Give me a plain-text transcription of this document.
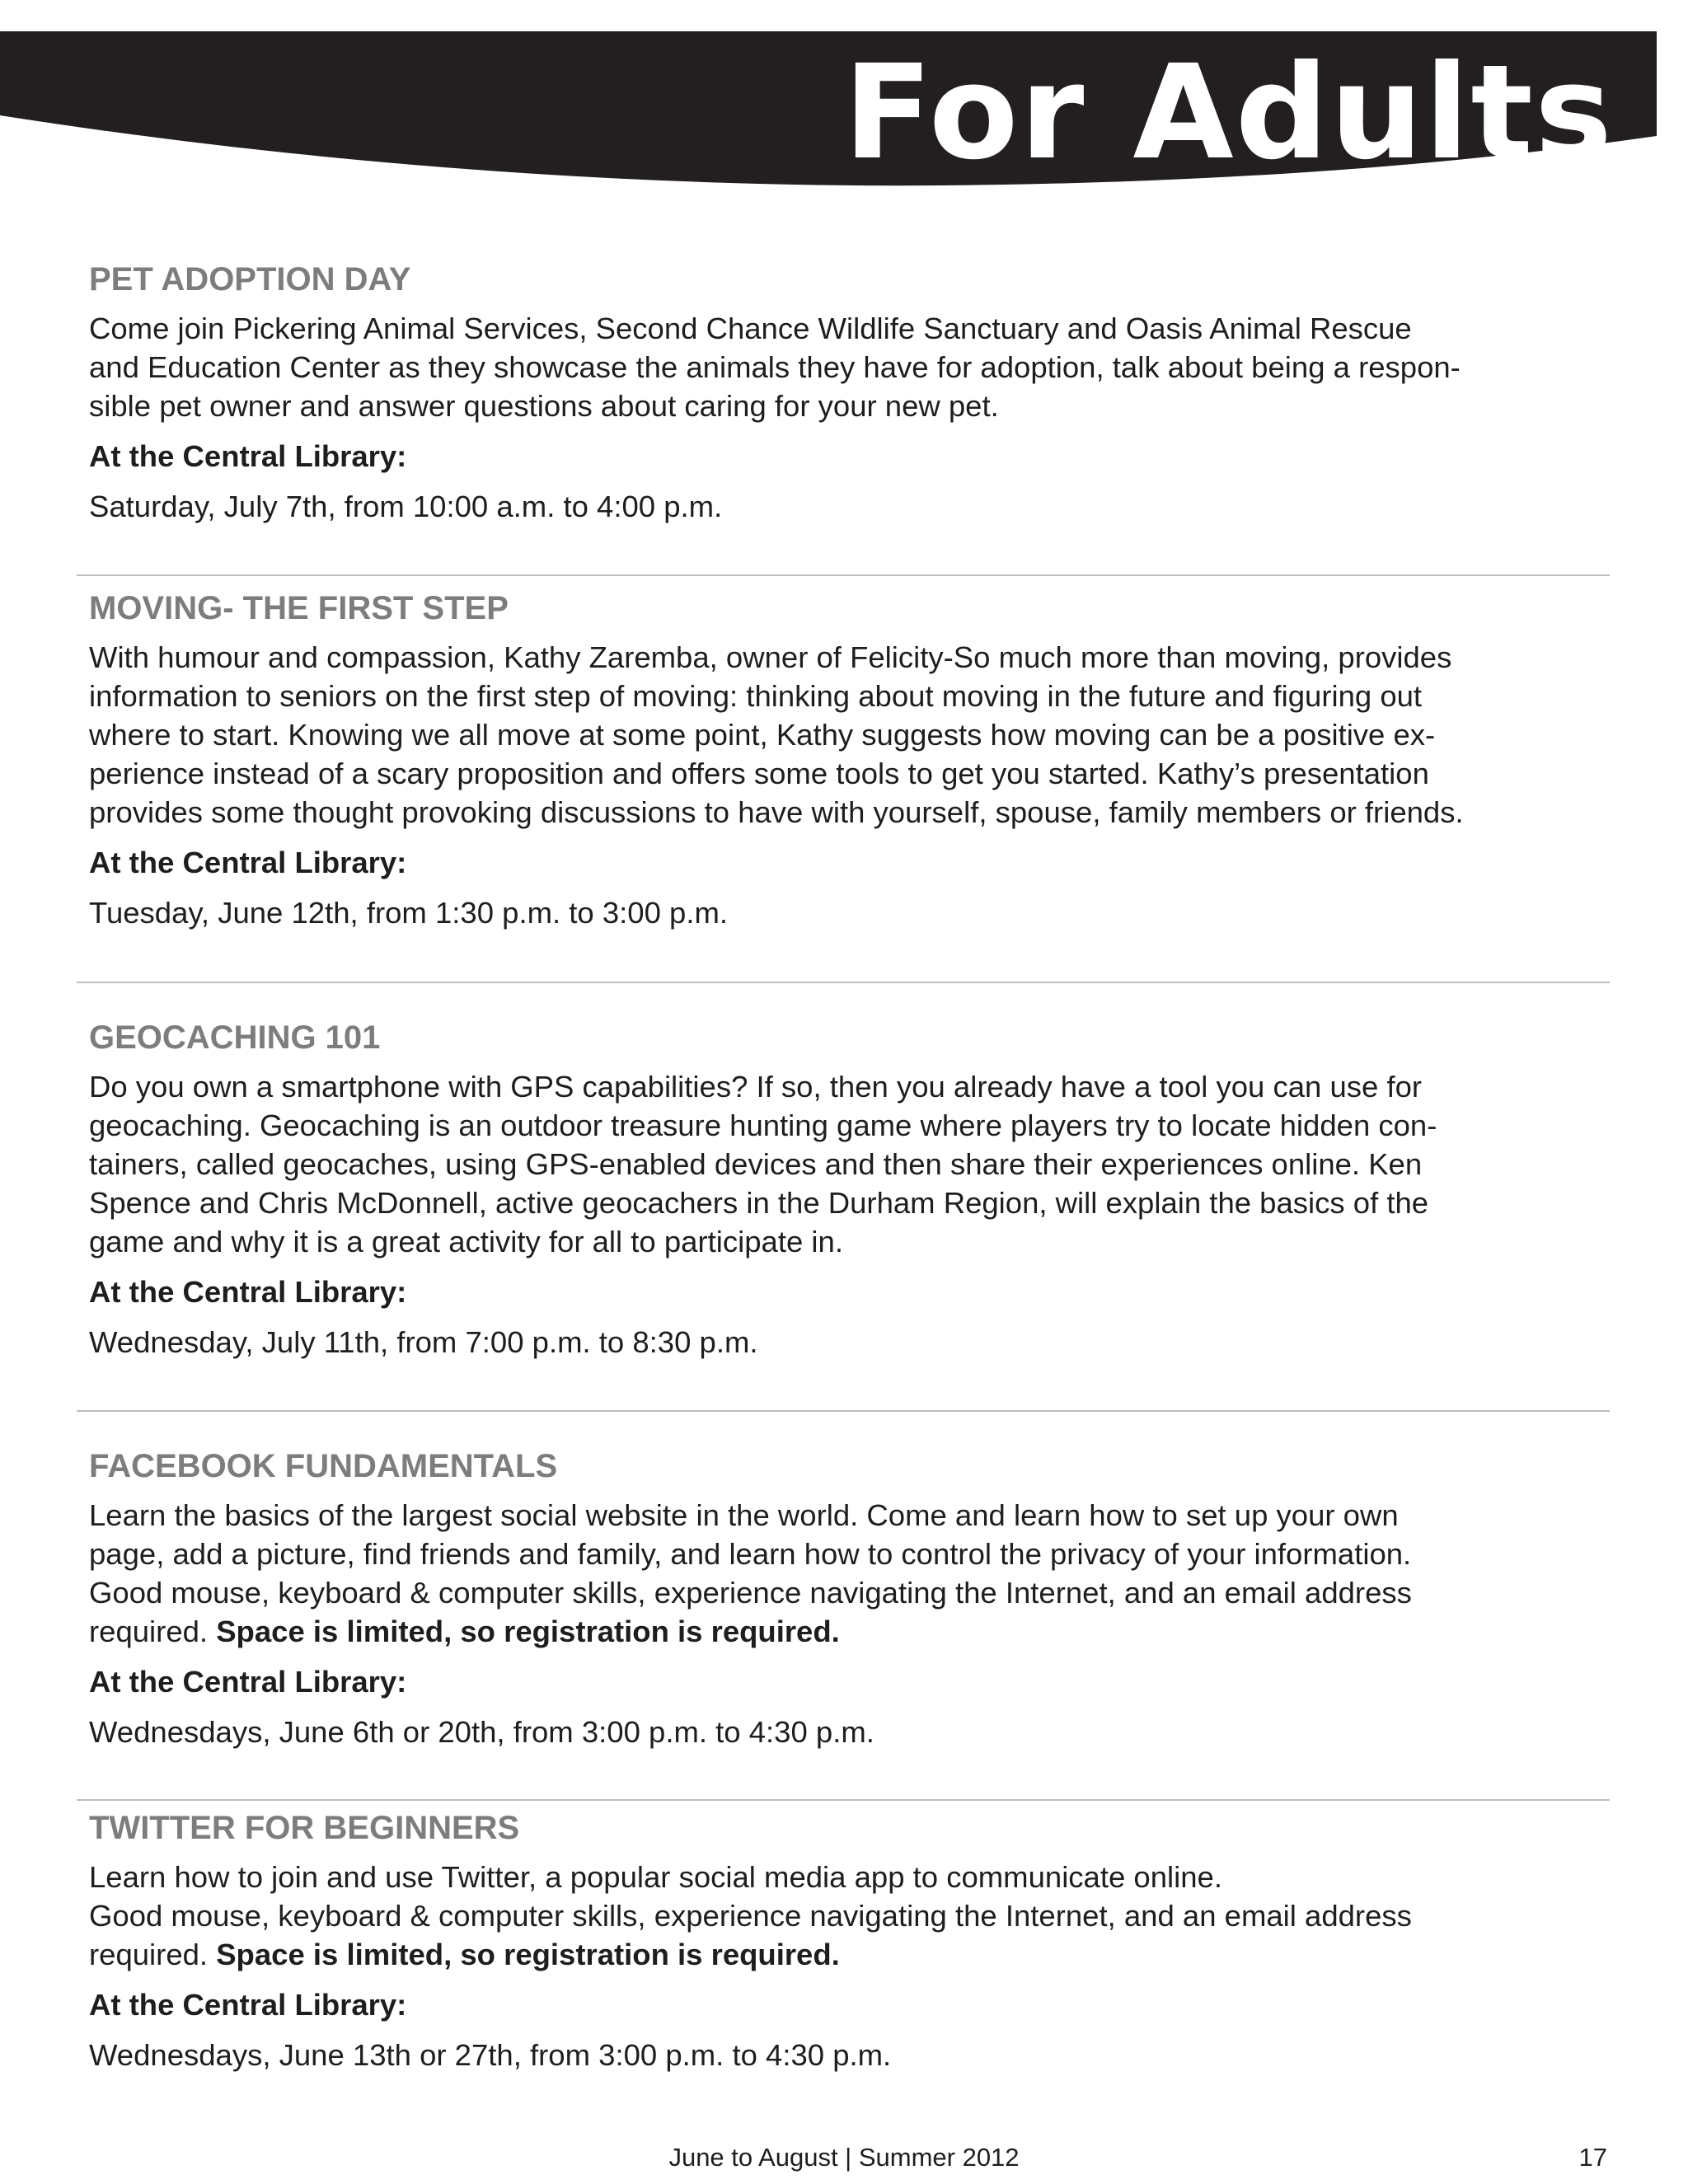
For Adults
PET ADOPTION DAY

Come join Pickering Animal Services, Second Chance Wildlife Sanctuary and Oasis Animal Rescue
and Education Center as they showcase the animals they have for adoption, talk about being a respon-
sible pet owner and answer questions about caring for your new pet.

At the Central Library:
Saturday, July 7th, from 10:00 a.m. to 4:00 p.m.
MOVING- THE FIRST STEP

With humour and compassion, Kathy Zaremba, owner of Felicity-So much more than moving, provides
information to seniors on the first step of moving: thinking about moving in the future and figuring out
where to start. Knowing we all move at some point, Kathy suggests how moving can be a positive ex-
perience instead of a scary proposition and offers some tools to get you started. Kathy’s presentation
provides some thought provoking discussions to have with yourself, spouse, family members or friends.

At the Central Library:
Tuesday, June 12th, from 1:30 p.m. to 3:00 p.m.
GEOCACHING 101

Do you own a smartphone with GPS capabilities? If so, then you already have a tool you can use for
geocaching. Geocaching is an outdoor treasure hunting game where players try to locate hidden con-
tainers, called geocaches, using GPS-enabled devices and then share their experiences online. Ken
Spence and Chris McDonnell, active geocachers in the Durham Region, will explain the basics of the
game and why it is a great activity for all to participate in.

At the Central Library:
Wednesday, July 11th, from 7:00 p.m. to 8:30 p.m.
FACEBOOK FUNDAMENTALS

Learn the basics of the largest social website in the world. Come and learn how to set up your own
page, add a picture, find friends and family, and learn how to control the privacy of your information.
Good mouse, keyboard & computer skills, experience navigating the Internet, and an email address
required. Space is limited, so registration is required.

At the Central Library:
Wednesdays, June 6th or 20th, from 3:00 p.m. to 4:30 p.m.
TWITTER FOR BEGINNERS

Learn how to join and use Twitter, a popular social media app to communicate online.
Good mouse, keyboard & computer skills, experience navigating the Internet, and an email address
required. Space is limited, so registration is required.

At the Central Library:
Wednesdays, June 13th or 27th, from 3:00 p.m. to 4:30 p.m.
June to August | Summer 2012	17
